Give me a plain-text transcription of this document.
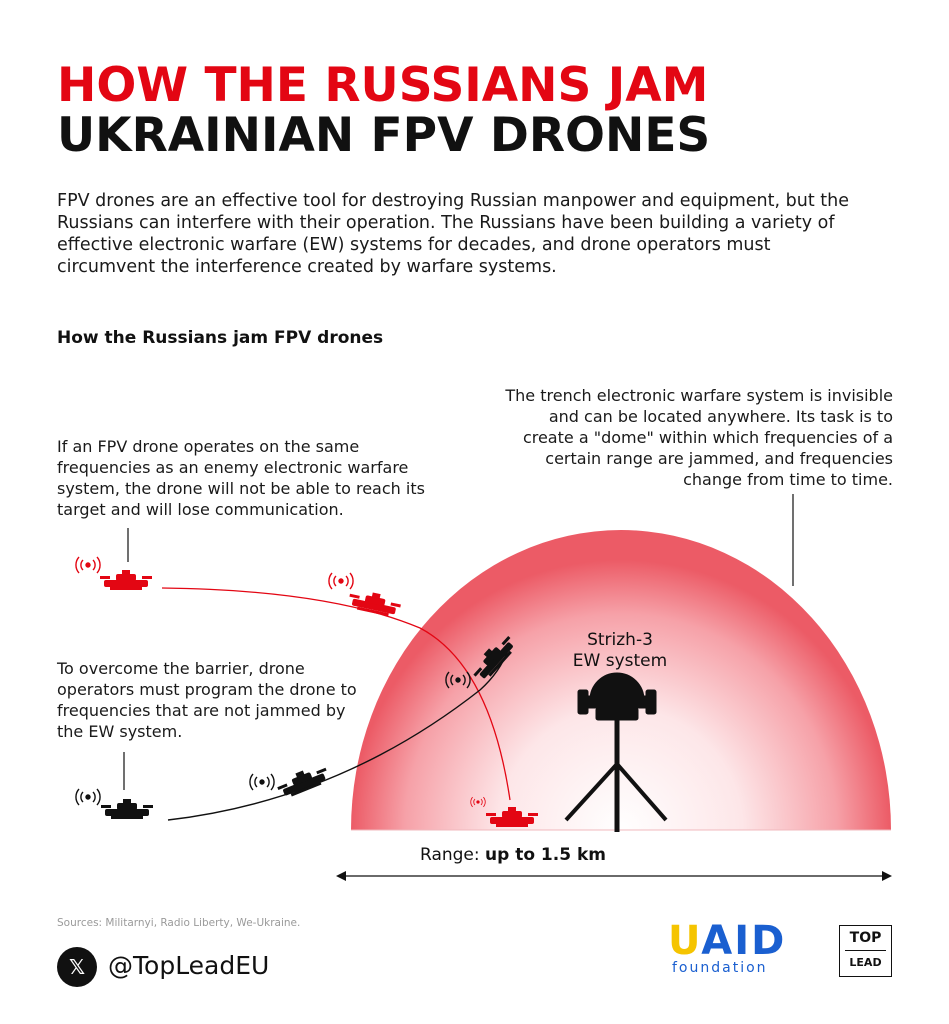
HOW THE RUSSIANS JAM
UKRAINIAN FPV DRONES

FPV drones are an effective tool for destroying Russian manpower and equipment, but the Russians can interfere with their operation. The Russians have been building a variety of effective electronic warfare (EW) systems for decades, and drone operators must circumvent the interference created by warfare systems.

How the Russians jam FPV drones
If an FPV drone operates on the same frequencies as an enemy electronic warfare system, the drone will not be able to reach its target and will lose communication.
To overcome the barrier, drone operators must program the drone to frequencies that are not jammed by the EW system.
The trench electronic warfare system is invisible and can be located anywhere. Its task is to create a "dome" within which frequencies of a certain range are jammed, and frequencies change from time to time.
Strizh-3
EW system
Range: up to 1.5 km
Sources: Militarnyi, Radio Liberty, We-Ukraine.
𝕏 @TopLeadEU
UAID
foundation
TOP
LEAD
